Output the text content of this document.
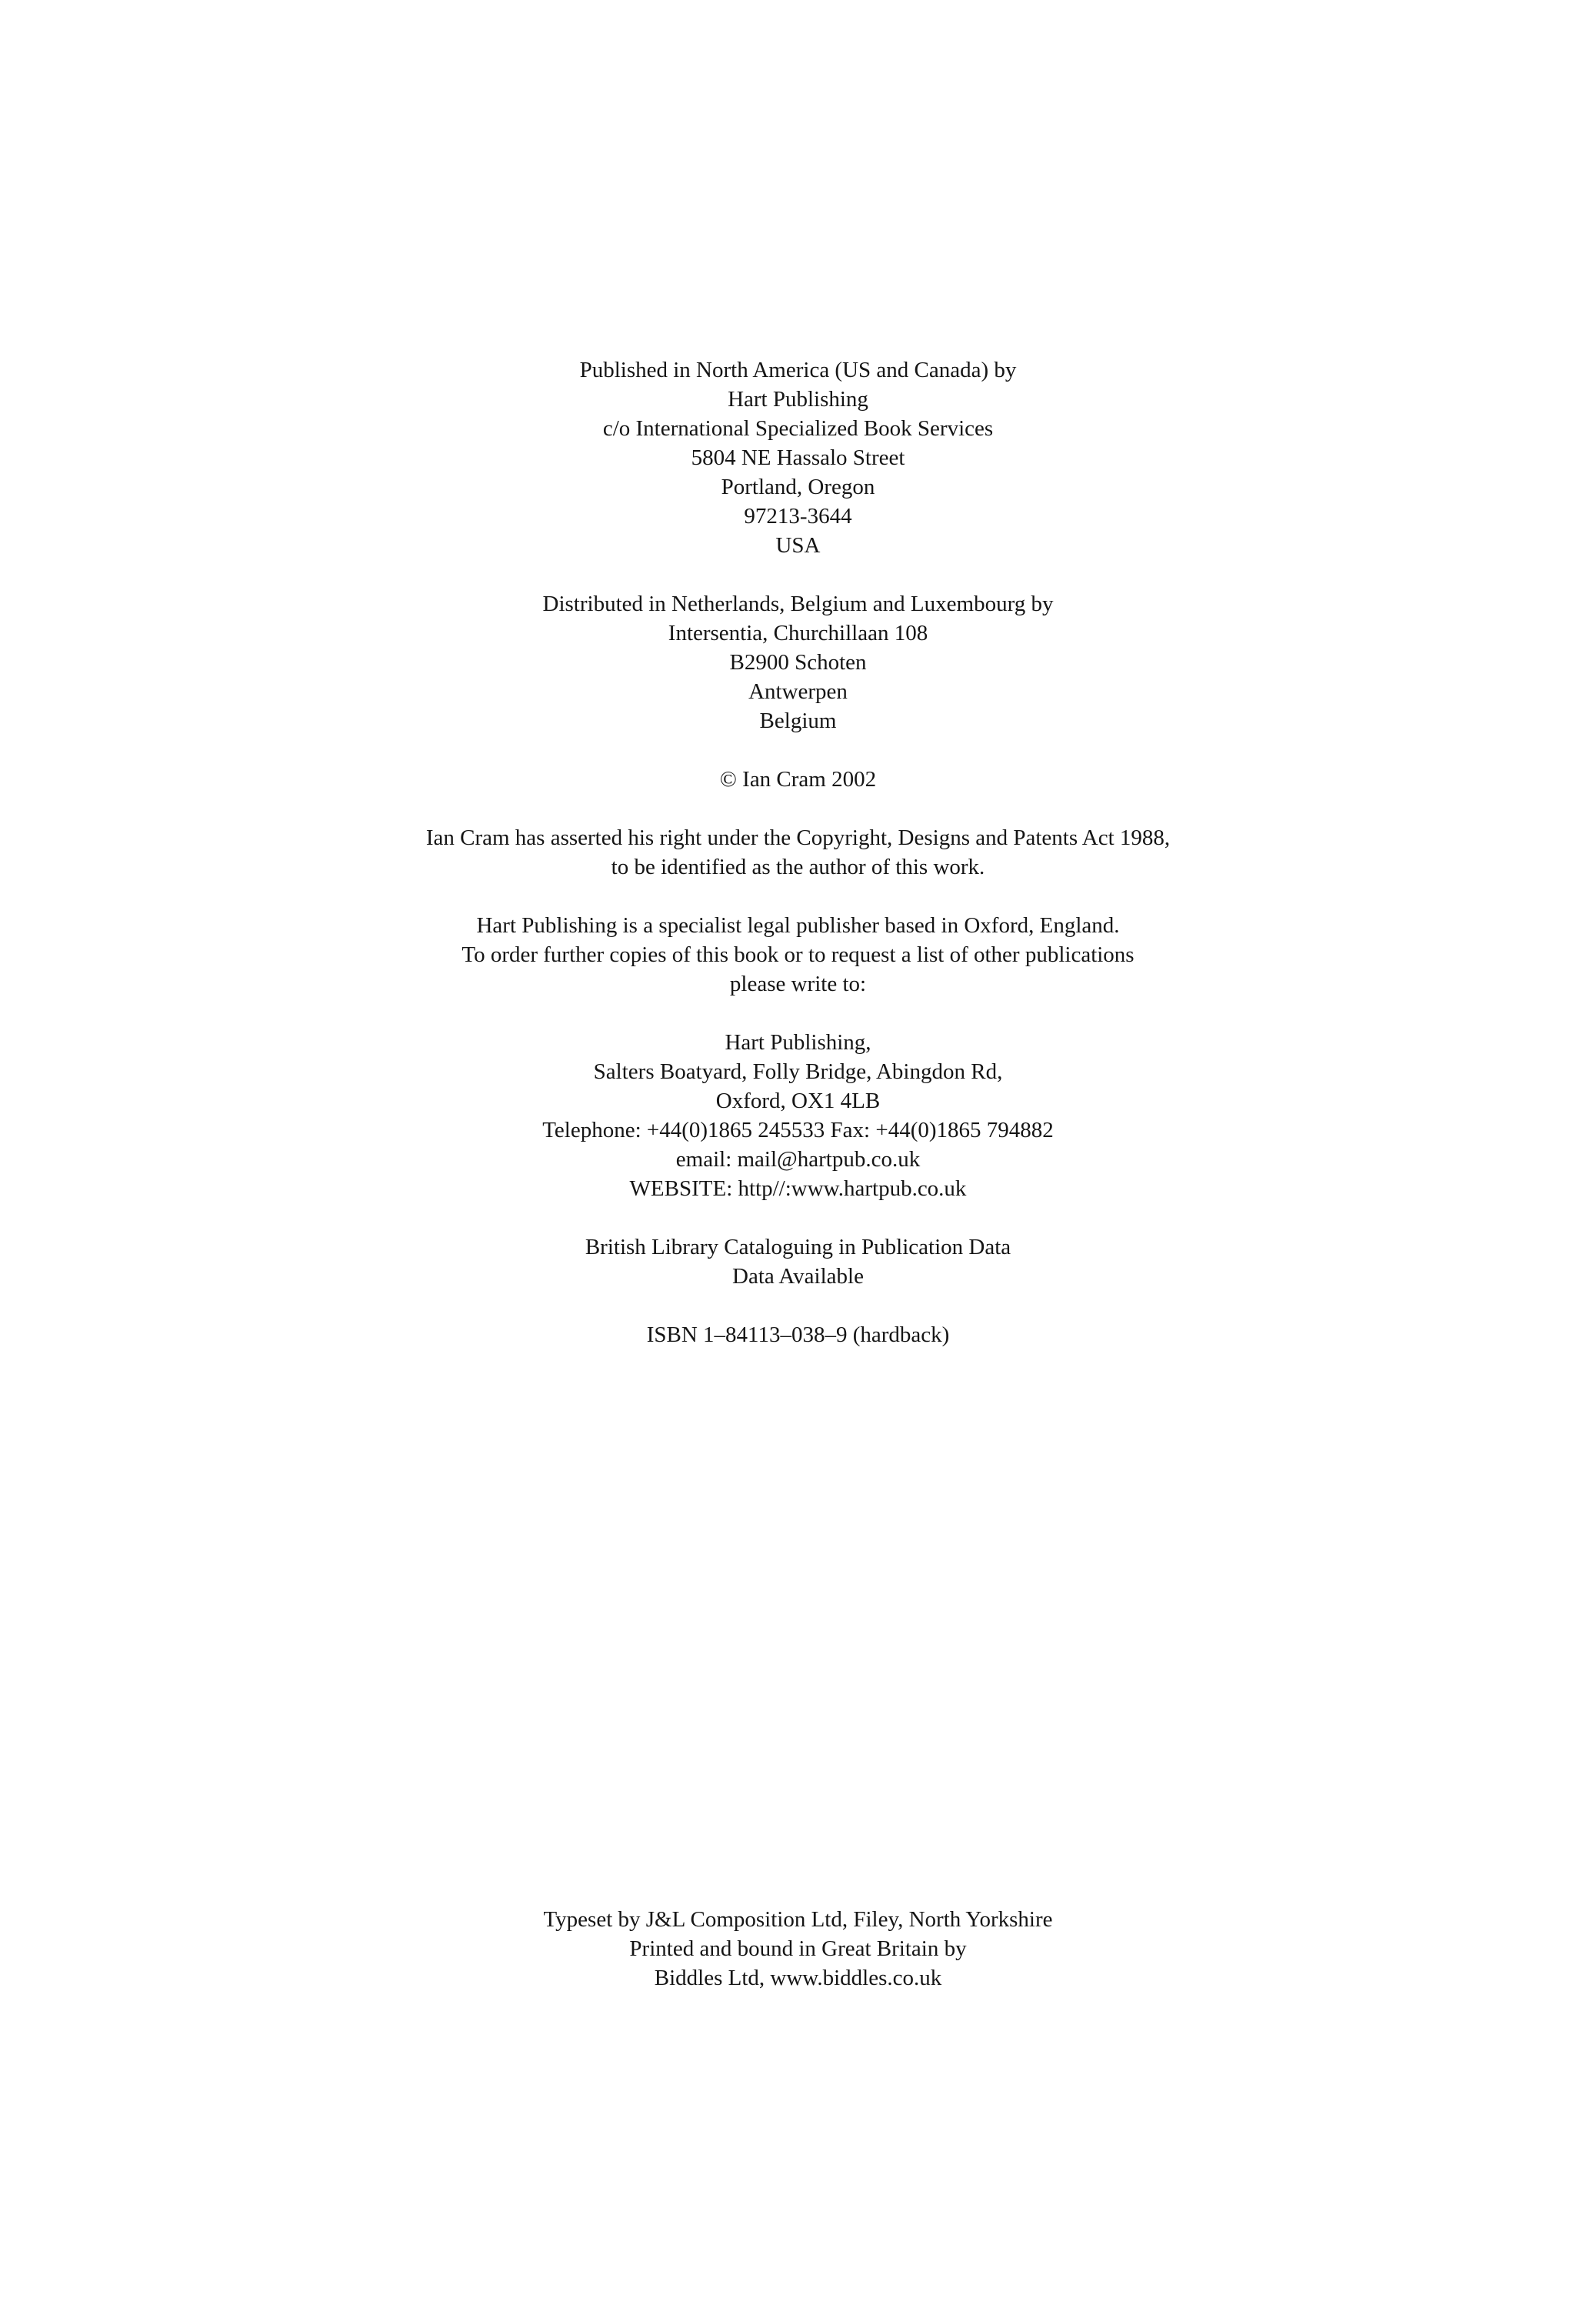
Published in North America (US and Canada) by
Hart Publishing
c/o International Specialized Book Services
5804 NE Hassalo Street
Portland, Oregon
97213-3644
USA
Distributed in Netherlands, Belgium and Luxembourg by
Intersentia, Churchillaan 108
B2900 Schoten
Antwerpen
Belgium
© Ian Cram 2002
Ian Cram has asserted his right under the Copyright, Designs and Patents Act 1988,
to be identified as the author of this work.
Hart Publishing is a specialist legal publisher based in Oxford, England.
To order further copies of this book or to request a list of other publications
please write to:
Hart Publishing,
Salters Boatyard, Folly Bridge, Abingdon Rd,
Oxford, OX1 4LB
Telephone: +44(0)1865 245533 Fax: +44(0)1865 794882
email: mail@hartpub.co.uk
WEBSITE: http//:www.hartpub.co.uk
British Library Cataloguing in Publication Data
Data Available
ISBN 1–84113–038–9 (hardback)
Typeset by J&L Composition Ltd, Filey, North Yorkshire
Printed and bound in Great Britain by
Biddles Ltd, www.biddles.co.uk
